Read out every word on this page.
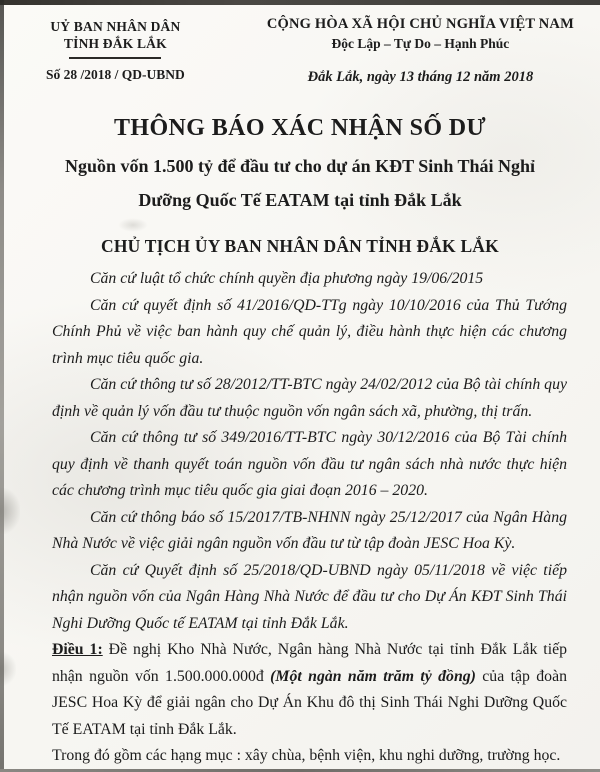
UỶ BAN NHÂN DÂN
TỈNH ĐẮK LẮK
Số 28 /2018 / QD-UBND
CỘNG HÒA XÃ HỘI CHỦ NGHĨA VIỆT NAM
Độc Lập – Tự Do – Hạnh Phúc
Đắk Lắk, ngày 13 tháng 12 năm 2018
THÔNG BÁO XÁC NHẬN SỐ DƯ
Nguồn vốn 1.500 tỷ để đầu tư cho dự án KĐT Sinh Thái Nghỉ
Dưỡng Quốc Tế EATAM tại tỉnh Đắk Lắk
CHỦ TỊCH ỦY BAN NHÂN DÂN TỈNH ĐẮK LẮK

Căn cứ luật tổ chức chính quyền địa phương ngày 19/06/2015

Căn cứ quyết định số 41/2016/QD-TTg ngày 10/10/2016 của Thủ Tướng Chính Phủ về việc ban hành quy chế quản lý, điều hành thực hiện các chương trình mục tiêu quốc gia.

Căn cứ thông tư số 28/2012/TT-BTC ngày 24/02/2012 của Bộ tài chính quy định về quản lý vốn đầu tư thuộc nguồn vốn ngân sách xã, phường, thị trấn.

Căn cứ thông tư số 349/2016/TT-BTC ngày 30/12/2016 của Bộ Tài chính quy định về thanh quyết toán nguồn vốn đầu tư ngân sách nhà nước thực hiện các chương trình mục tiêu quốc gia giai đoạn 2016 – 2020.

Căn cứ thông báo số 15/2017/TB-NHNN ngày 25/12/2017 của Ngân Hàng Nhà Nước về việc giải ngân nguồn vốn đầu tư từ tập đoàn JESC Hoa Kỳ.

Căn cứ Quyết định số 25/2018/QD-UBND ngày 05/11/2018 về việc tiếp nhận nguồn vốn của Ngân Hàng Nhà Nước để đầu tư cho Dự Án KĐT Sinh Thái Nghi Dưỡng Quốc tế EATAM tại tỉnh Đắk Lắk.

Điều 1: Đề nghị Kho Nhà Nước, Ngân hàng Nhà Nước tại tỉnh Đắk Lắk tiếp nhận nguồn vốn 1.500.000.000đ (Một ngàn năm trăm tỷ đồng) của tập đoàn JESC Hoa Kỳ để giải ngân cho Dự Án Khu đô thị Sinh Thái Nghi Dưỡng Quốc Tế EATAM tại tỉnh Đắk Lắk.

Trong đó gồm các hạng mục : xây chùa, bệnh viện, khu nghi dưỡng, trường học.
